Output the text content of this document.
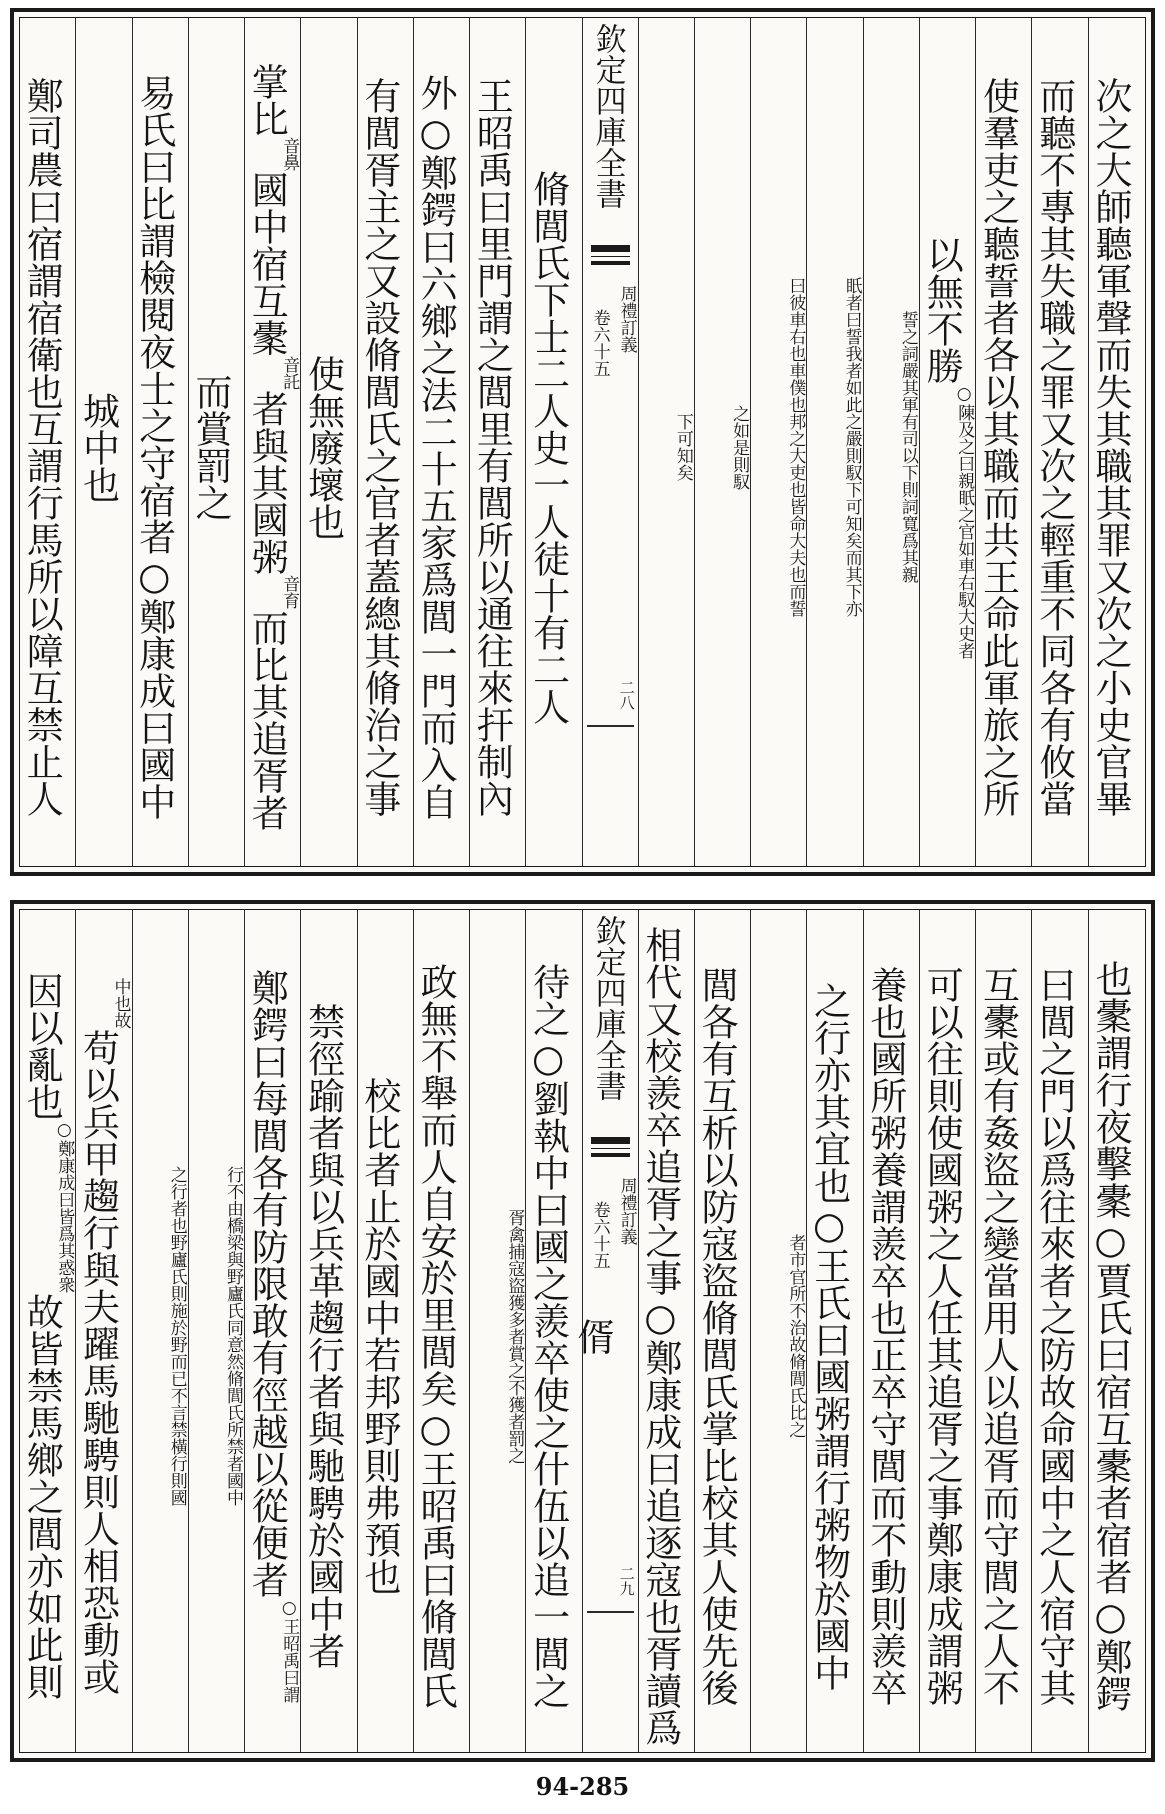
次之大師聽軍聲而失其職其罪又次之小史官畢
而聽不專其失職之罪又次之輕重不同各有攸當
使羣吏之聽誓者各以其職而共王命此軍旅之所
以無不勝○陳及之曰親眂之官如車右馭大史者
誓之詞嚴其軍有司以下則詞寬爲其親
眂者曰誓我者如此之嚴則馭下可知矣而其下亦
曰彼車右也車僕也邦之大吏也皆命大夫也而誓
之如是則馭
下可知矣
欽定四庫全書
周禮訂義
卷六十五
二八
脩閭氏下士二人史一人徒十有二人
王昭禹曰里門謂之閭里有閭所以通往來扞制內
外○鄭鍔曰六鄉之法二十五家爲閭一門而入自
有閭胥主之又設脩閭氏之官者蓋總其脩治之事
使無廢壞也
掌比音鼻國中宿互㯻音託者與其國粥音育而比其追胥者
而賞罰之
易氏曰比謂檢閱夜士之守宿者○鄭康成曰國中
城中也
鄭司農曰宿謂宿衛也互謂行馬所以障互禁止人
也㯻謂行夜擊㯻○賈氏曰宿互㯻者宿者○鄭鍔
曰閭之門以爲往來者之防故命國中之人宿守其
互㯻或有姦盜之變當用人以追胥而守閭之人不
可以往則使國粥之人任其追胥之事鄭康成謂粥
養也國所粥養謂羨卒也正卒守閭而不動則羨卒
之行亦其宜也○王氏曰國粥謂行粥物於國中
者市官所不治故脩閭氏比之
閭各有互析以防寇盜脩閭氏掌比校其人使先後
相代又校羨卒追胥之事○鄭康成曰追逐寇也胥讀爲偦
欽定四庫全書
周禮訂義
卷六十五
二九
待之○劉執中曰國之羨卒使之什伍以追一閭之
胥禽捕寇盜獲多者賞之不獲者罰之
政無不舉而人自安於里閭矣○王昭禹曰脩閭氏
校比者止於國中若邦野則弗預也
禁徑踰者與以兵革趨行者與馳騁於國中者
鄭鍔曰每閭各有防限敢有徑越以從便者○王昭禹曰謂
行不由橋梁與野廬氏同意然脩閭氏所禁者國中
之行者也野廬氏則施於野而已不言禁橫行則國
中也故苟以兵甲趨行與夫躍馬馳騁則人相恐動或
因以亂也○鄭康成曰皆爲其惑衆故皆禁馬鄉之閭亦如此則
94-285
